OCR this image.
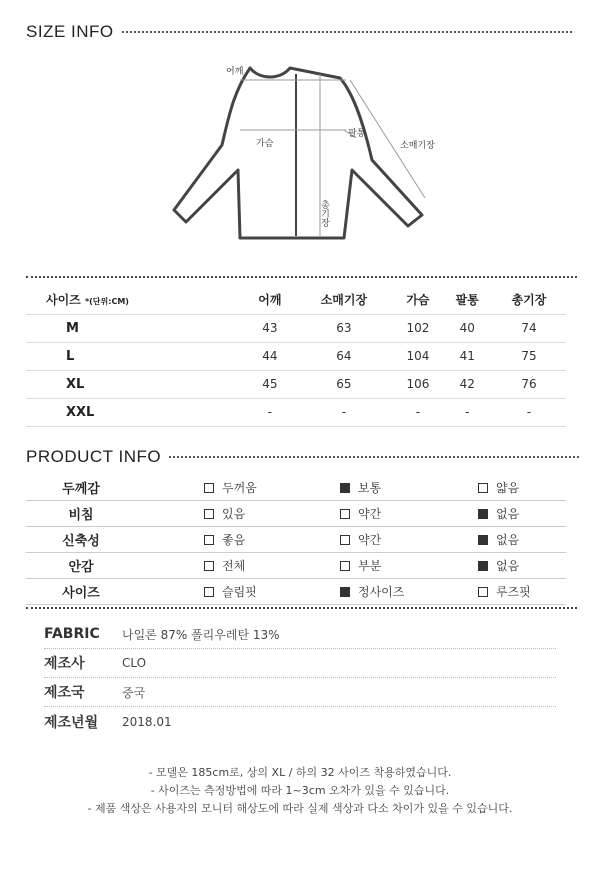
SIZE INFO
어깨
가슴
팔통
소매기장
총기장
사이즈 *(단위:CM)	어깨	소매기장	가슴	팔통	총기장
M	43	63	102	40	74
L	44	64	104	41	75
XL	45	65	106	42	76
XXL	-	-	-	-	-
PRODUCT INFO
두께감	두꺼움	보통	얇음
비침	있음	약간	없음
신축성	좋음	약간	없음
안감	전체	부분	없음
사이즈	슬림핏	정사이즈	루즈핏
FABRIC	나일론 87% 폴리우레탄 13%
제조사	CLO
제조국	중국
제조년월	2018.01
- 모델은 185cm로, 상의 XL / 하의 32 사이즈 착용하였습니다.
- 사이즈는 측정방법에 따라 1~3cm 오차가 있을 수 있습니다.
- 제품 색상은 사용자의 모니터 해상도에 따라 실제 색상과 다소 차이가 있을 수 있습니다.
